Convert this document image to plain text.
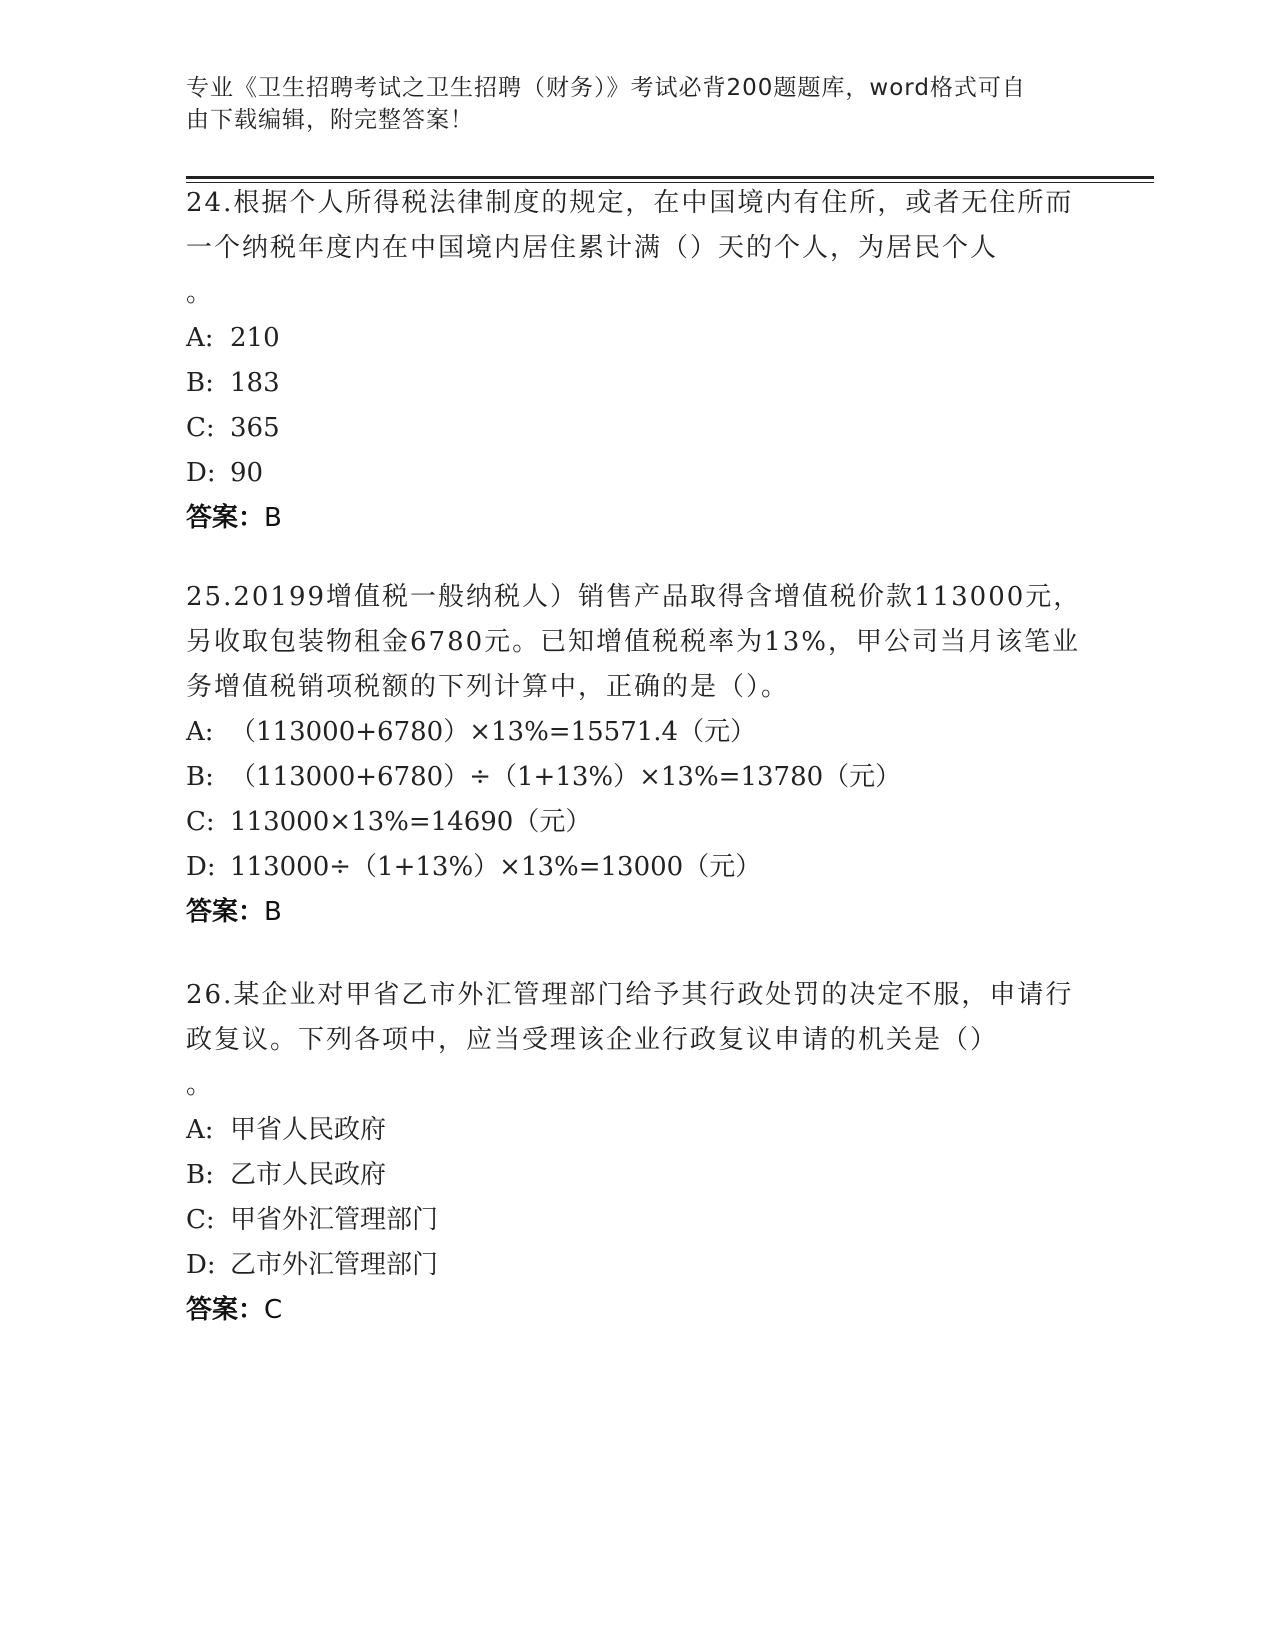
专业《卫生招聘考试之卫生招聘（财务）》考试必背200题题库，word格式可自
由下载编辑，附完整答案！

24.根据个人所得税法律制度的规定，在中国境内有住所，或者无住所而一个纳税年度内在中国境内居住累计满（）天的个人，为居民个人

。

A: 210

B: 183

C: 365

D: 90

答案：B

25.20199增值税一般纳税人）销售产品取得含增值税价款113000元，另收取包装物租金6780元。已知增值税税率为13%，甲公司当月该笔业务增值税销项税额的下列计算中，正确的是（）。

A: （113000+6780）×13%=15571.4（元）

B: （113000+6780）÷（1+13%）×13%=13780（元）

C: 113000×13%=14690（元）

D: 113000÷（1+13%）×13%=13000（元）

答案：B

26.某企业对甲省乙市外汇管理部门给予其行政处罚的决定不服，申请行政复议。下列各项中，应当受理该企业行政复议申请的机关是（）

。

A: 甲省人民政府

B: 乙市人民政府

C: 甲省外汇管理部门

D: 乙市外汇管理部门

答案：C
